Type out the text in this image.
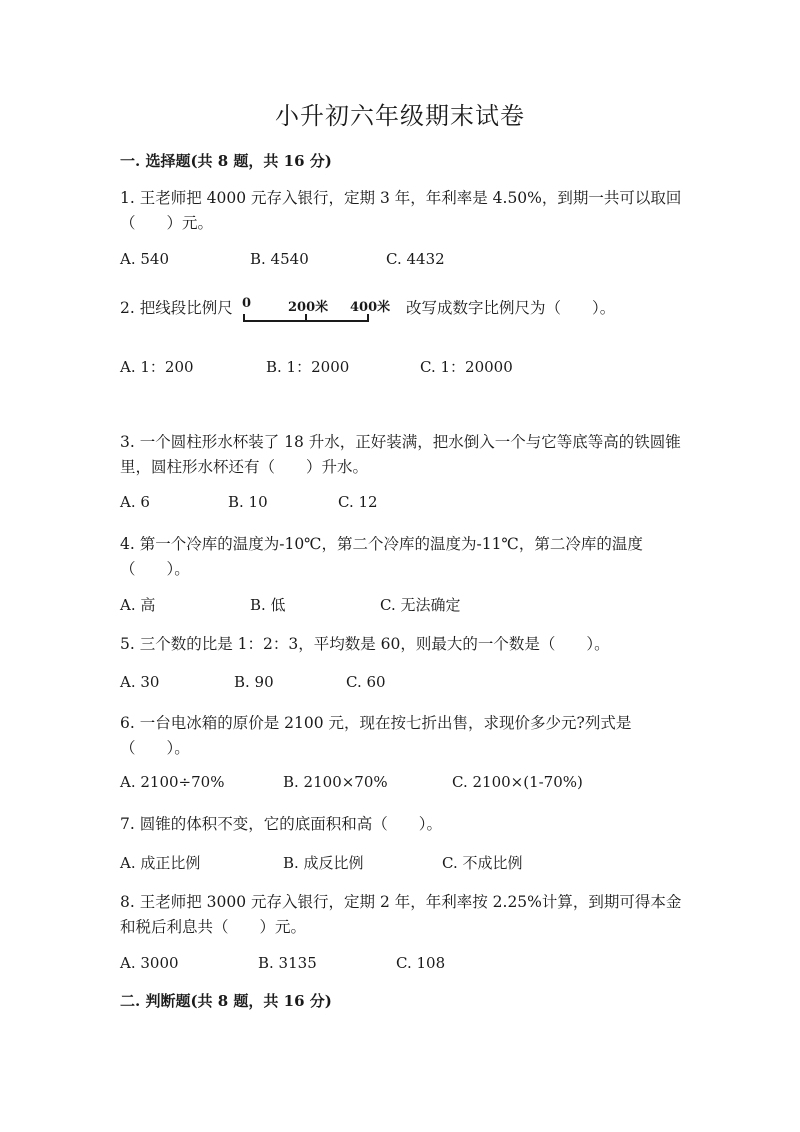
小升初六年级期末试卷
一. 选择题(共 8 题，共 16 分)
1. 王老师把 4000 元存入银行，定期 3 年，年利率是 4.50%，到期一共可以取回（　　）元。
A. 540	B. 4540	C. 4432
2. 把线段比例尺 0	200米 400米 改写成数字比例尺为（　　）。
A. 1：200	B. 1：2000	C. 1：20000
3. 一个圆柱形水杯装了 18 升水，正好装满，把水倒入一个与它等底等高的铁圆锥里，圆柱形水杯还有（　　）升水。
A. 6	B. 10	C. 12
4. 第一个冷库的温度为-10℃，第二个冷库的温度为-11℃，第二冷库的温度（　　）。
A. 高	B. 低	C. 无法确定
5. 三个数的比是 1：2：3，平均数是 60，则最大的一个数是（　　）。
A. 30	B. 90	C. 60
6. 一台电冰箱的原价是 2100 元，现在按七折出售，求现价多少元?列式是（　　）。
A. 2100÷70%	B. 2100×70%	C. 2100×(1-70%)
7. 圆锥的体积不变，它的底面积和高（　　）。
A. 成正比例	B. 成反比例	C. 不成比例
8. 王老师把 3000 元存入银行，定期 2 年，年利率按 2.25%计算，到期可得本金和税后利息共（　　）元。
A. 3000	B. 3135	C. 108
二. 判断题(共 8 题，共 16 分)
